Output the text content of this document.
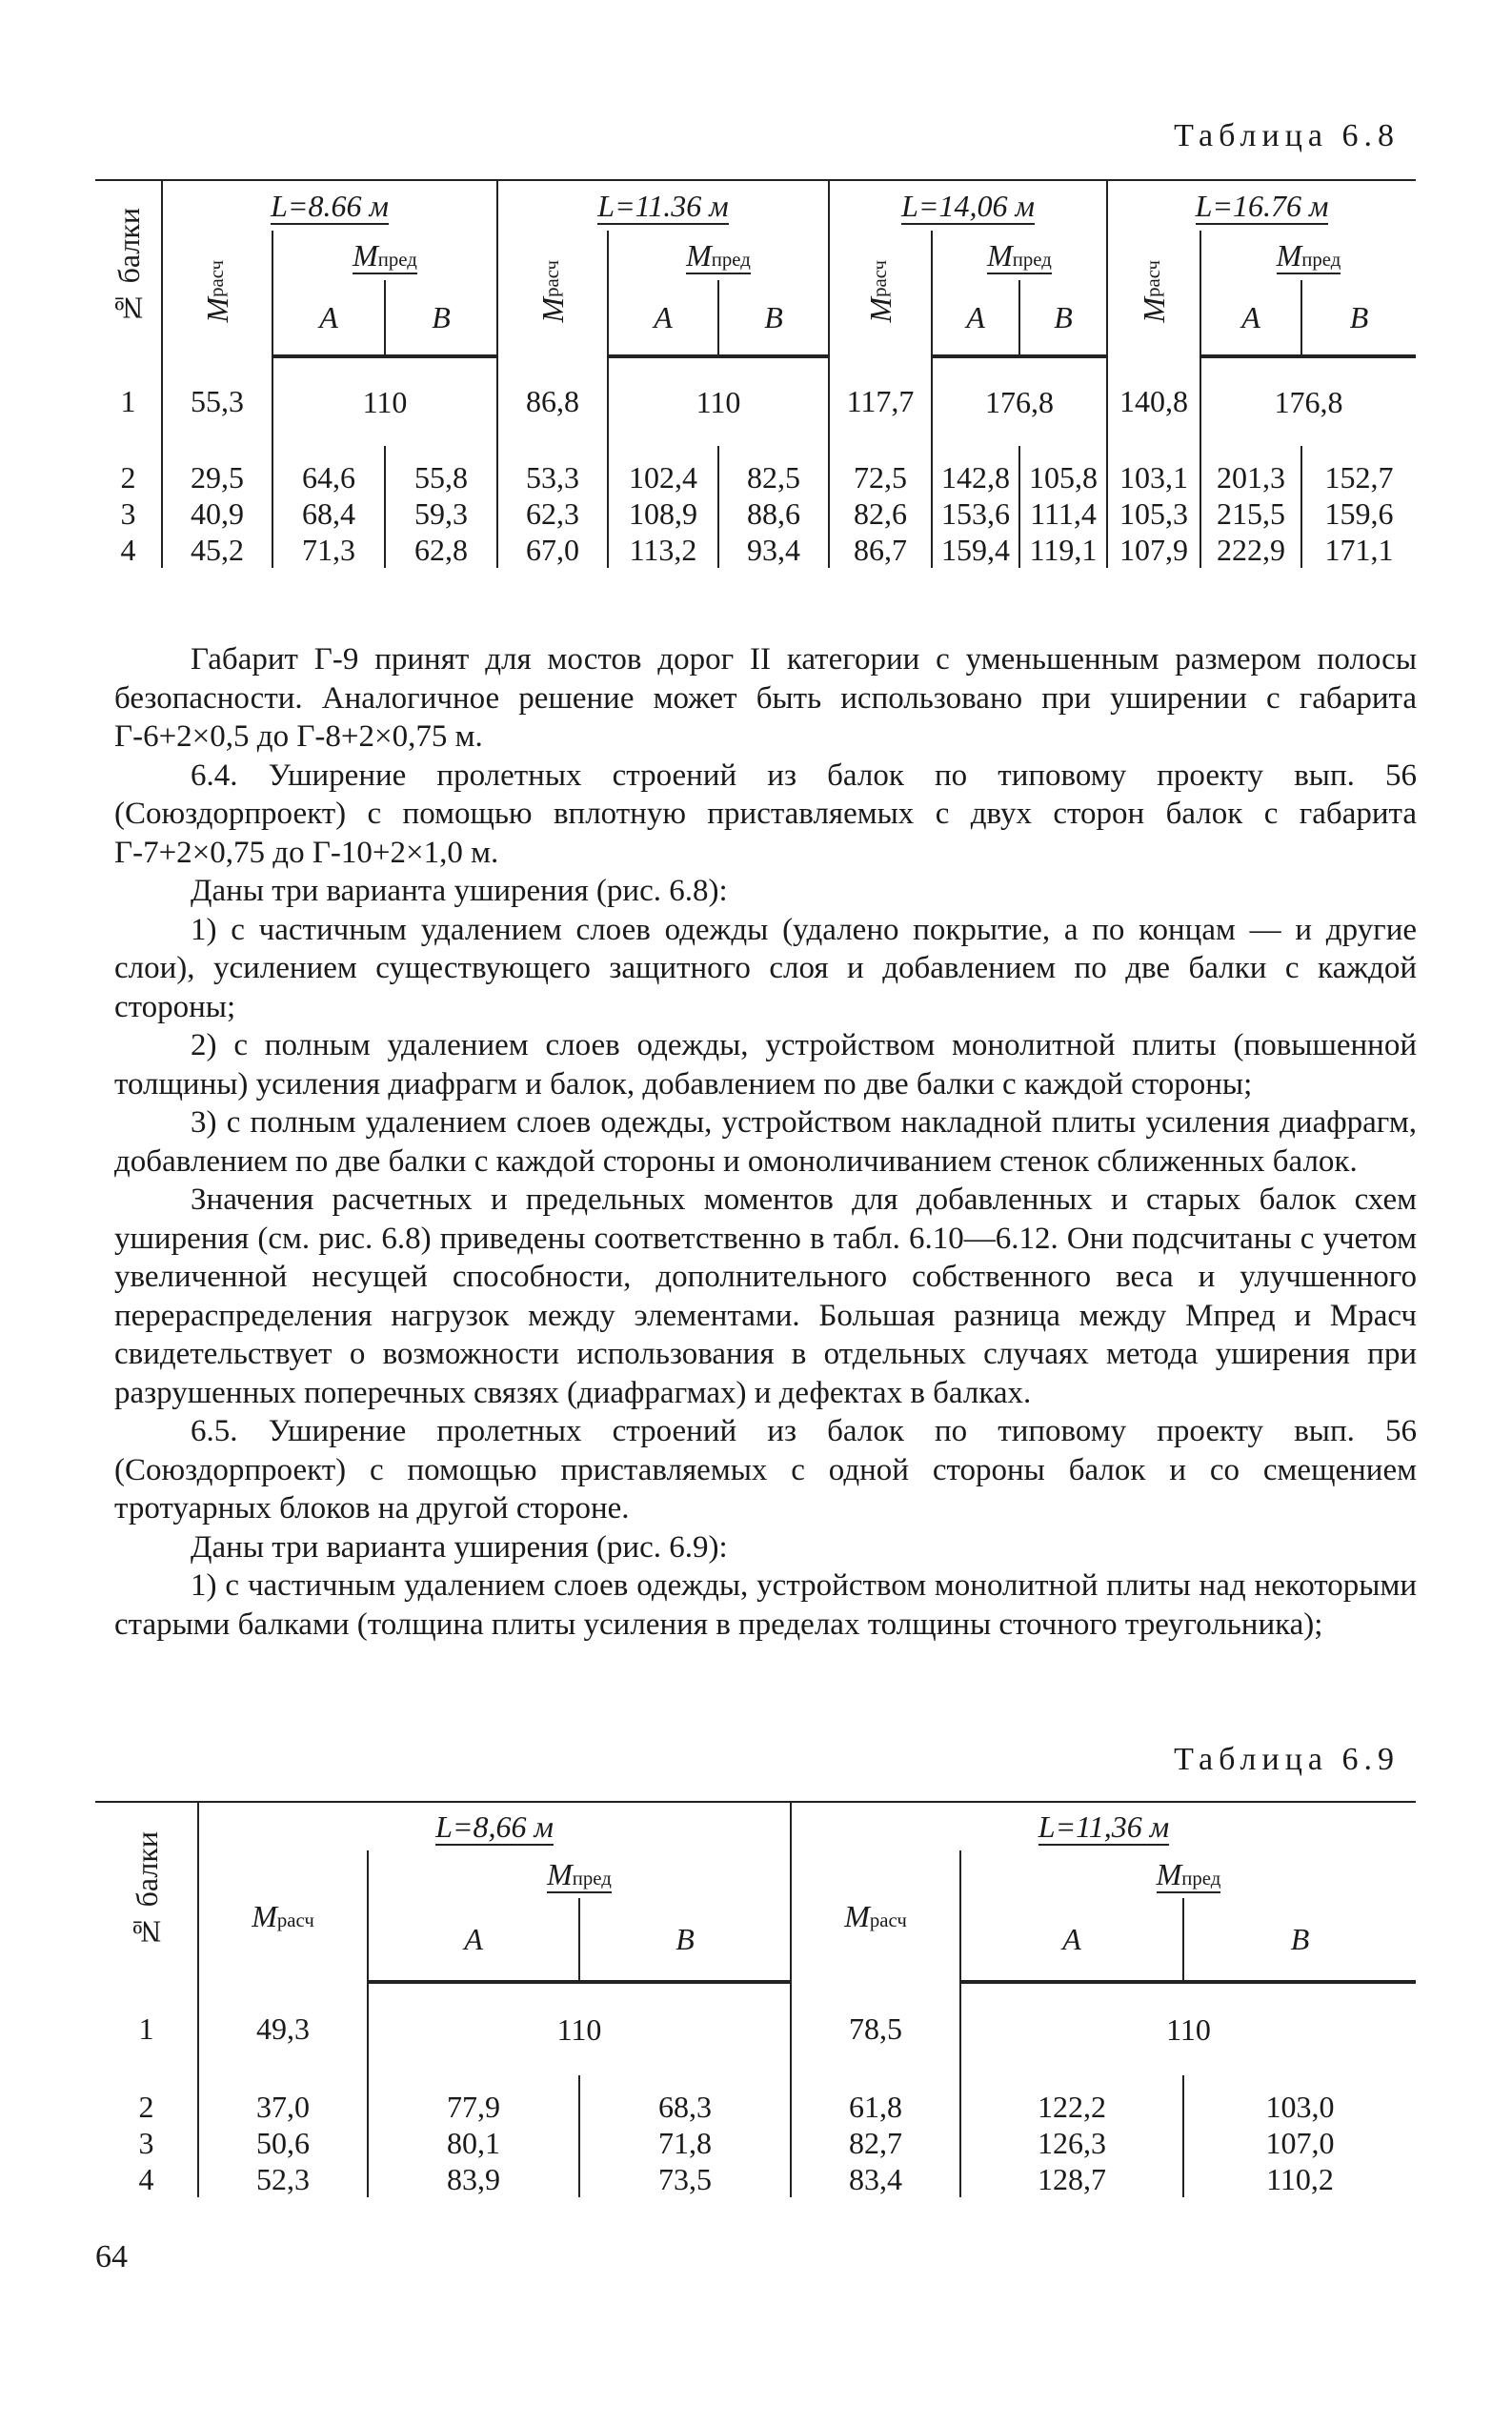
Таблица 6.8
№ балки	L=8.66 м			L=11.36 м			L=14,06 м			L=16.76 м		
	Мрасч	Мпред		Мрасч	Мпред		Мрасч	Мпред		Мрасч	Мпред	
		А	В		А	В		А	В		А	В
1	55,3	110		86,8	110		117,7	176,8		140,8	176,8	
2	29,5	64,6	55,8	53,3	102,4	82,5	72,5	142,8	105,8	103,1	201,3	152,7
3	40,9	68,4	59,3	62,3	108,9	88,6	82,6	153,6	111,4	105,3	215,5	159,6
4	45,2	71,3	62,8	67,0	113,2	93,4	86,7	159,4	119,1	107,9	222,9	171,1

Габарит Г-9 принят для мостов дорог II категории с уменьшенным размером полосы безопасности. Аналогичное решение может быть использовано при уширении с габарита Г-6+2×0,5 до Г-8+2×0,75 м.

6.4. Уширение пролетных строений из балок по типовому проекту вып. 56 (Союздорпроект) с помощью вплотную приставляемых с двух сторон балок с габарита Г-7+2×0,75 до Г-10+2×1,0 м.

Даны три варианта уширения (рис. 6.8):

1) с частичным удалением слоев одежды (удалено покрытие, а по концам — и другие слои), усилением существующего защитного слоя и добавлением по две балки с каждой стороны;

2) с полным удалением слоев одежды, устройством монолитной плиты (повышенной толщины) усиления диафрагм и балок, добавлением по две балки с каждой стороны;

3) с полным удалением слоев одежды, устройством накладной плиты усиления диафрагм, добавлением по две балки с каждой стороны и омоноличиванием стенок сближенных балок.

Значения расчетных и предельных моментов для добавленных и старых балок схем уширения (см. рис. 6.8) приведены соответственно в табл. 6.10—6.12. Они подсчитаны с учетом увеличенной несущей способности, дополнительного собственного веса и улучшенного перераспределения нагрузок между элементами. Большая разница между Мпред и Мрасч свидетельствует о возможности использования в отдельных случаях метода уширения при разрушенных поперечных связях (диафрагмах) и дефектах в балках.

6.5. Уширение пролетных строений из балок по типовому проекту вып. 56 (Союздорпроект) с помощью приставляемых с одной стороны балок и со смещением тротуарных блоков на другой стороне.

Даны три варианта уширения (рис. 6.9):

1) с частичным удалением слоев одежды, устройством монолитной плиты над некоторыми старыми балками (толщина плиты усиления в пределах толщины сточного треугольника);

Таблица 6.9
№ балки	L=8,66 м			L=11,36 м		
	Мрасч	Мпред		Мрасч	Мпред	
		А	В		А	В
1	49,3	110		78,5	110	
2	37,0	77,9	68,3	61,8	122,2	103,0
3	50,6	80,1	71,8	82,7	126,3	107,0
4	52,3	83,9	73,5	83,4	128,7	110,2
64
